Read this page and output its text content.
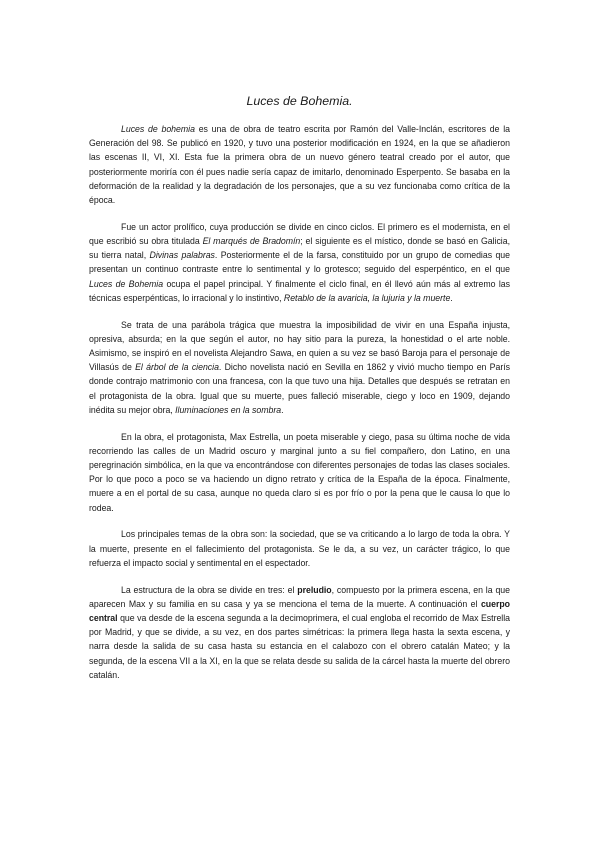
Luces de Bohemia.

Luces de bohemia es una de obra de teatro escrita por Ramón del Valle-Inclán, escritores de la Generación del 98. Se publicó en 1920, y tuvo una posterior modificación en 1924, en la que se añadieron las escenas II, VI, XI. Esta fue la primera obra de un nuevo género teatral creado por el autor, que posteriormente moriría con él pues nadie sería capaz de imitarlo, denominado Esperpento. Se basaba en la deformación de la realidad y la degradación de los personajes, que a su vez funcionaba como crítica de la época.

Fue un actor prolífico, cuya producción se divide en cinco ciclos. El primero es el modernista, en el que escribió su obra titulada El marqués de Bradomín; el siguiente es el místico, donde se basó en Galicia, su tierra natal, Divinas palabras. Posteriormente el de la farsa, constituido por un grupo de comedias que presentan un continuo contraste entre lo sentimental y lo grotesco; seguido del esperpéntico, en el que Luces de Bohemia ocupa el papel principal. Y finalmente el ciclo final, en él llevó aún más al extremo las técnicas esperpénticas, lo irracional y lo instintivo, Retablo de la avaricia, la lujuria y la muerte.

Se trata de una parábola trágica que muestra la imposibilidad de vivir en una España injusta, opresiva, absurda; en la que según el autor, no hay sitio para la pureza, la honestidad o el arte noble. Asimismo, se inspiró en el novelista Alejandro Sawa, en quien a su vez se basó Baroja para el personaje de Villasús de El árbol de la ciencia. Dicho novelista nació en Sevilla en 1862 y vivió mucho tiempo en París donde contrajo matrimonio con una francesa, con la que tuvo una hija. Detalles que después se retratan en el protagonista de la obra. Igual que su muerte, pues falleció miserable, ciego y loco en 1909, dejando inédita su mejor obra, Iluminaciones en la sombra.

En la obra, el protagonista, Max Estrella, un poeta miserable y ciego, pasa su última noche de vida recorriendo las calles de un Madrid oscuro y marginal junto a su fiel compañero, don Latino, en una peregrinación simbólica, en la que va encontrándose con diferentes personajes de todas las clases sociales. Por lo que poco a poco se va haciendo un digno retrato y crítica de la España de la época. Finalmente, muere a en el portal de su casa, aunque no queda claro si es por frío o por la pena que le causa lo que lo rodea.

Los principales temas de la obra son: la sociedad, que se va criticando a lo largo de toda la obra. Y la muerte, presente en el fallecimiento del protagonista. Se le da, a su vez, un carácter trágico, lo que refuerza el impacto social y sentimental en el espectador.

La estructura de la obra se divide en tres: el preludio, compuesto por la primera escena, en la que aparecen Max y su familia en su casa y ya se menciona el tema de la muerte. A continuación el cuerpo central que va desde de la escena segunda a la decimoprimera, el cual engloba el recorrido de Max Estrella por Madrid, y que se divide, a su vez, en dos partes simétricas: la primera llega hasta la sexta escena, y narra desde la salida de su casa hasta su estancia en el calabozo con el obrero catalán Mateo; y la segunda, de la escena VII a la XI, en la que se relata desde su salida de la cárcel hasta la muerte del obrero catalán.
